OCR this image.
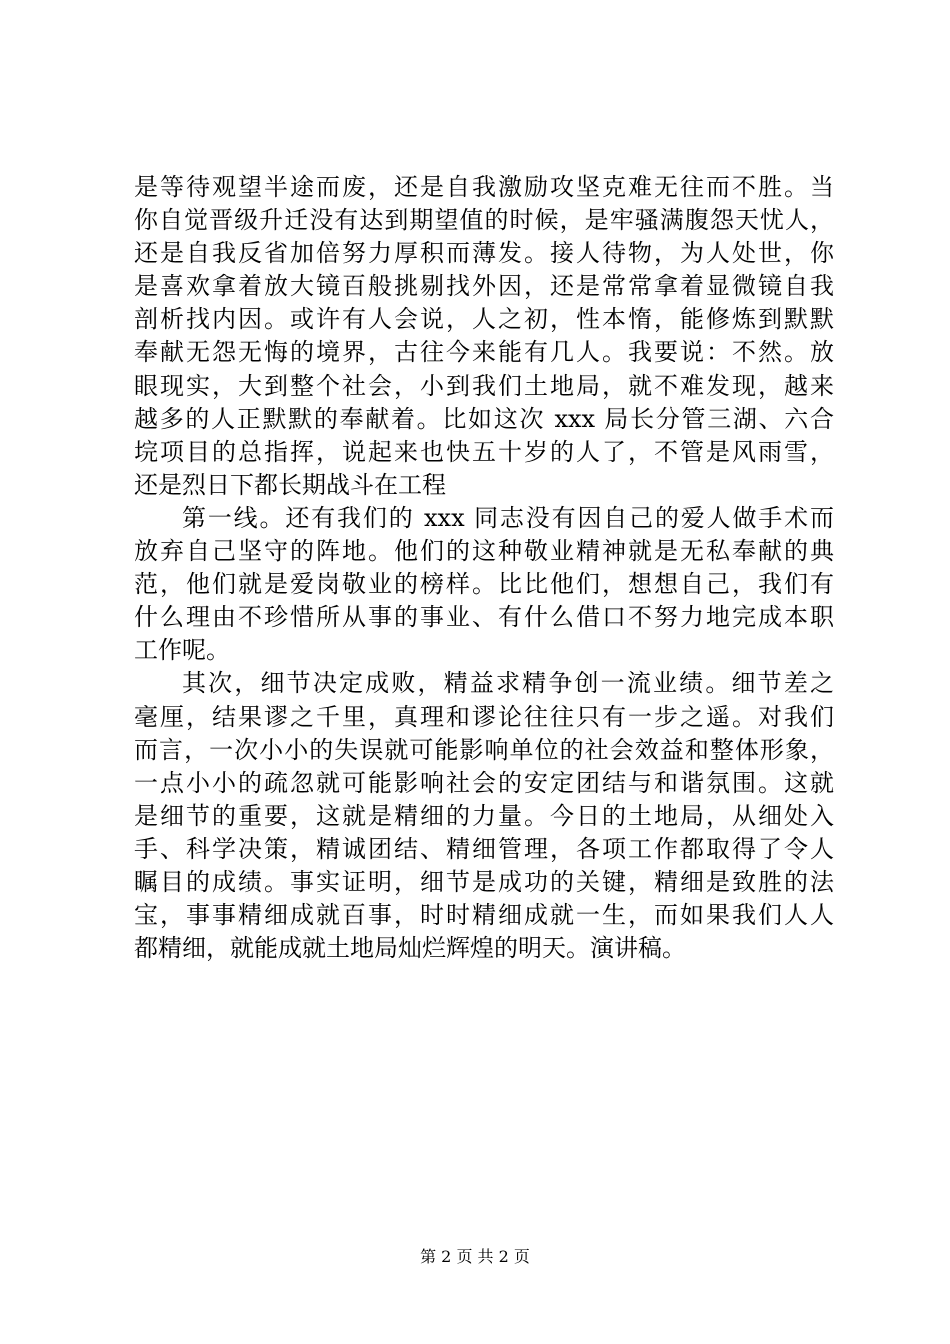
是等待观望半途而废，还是自我激励攻坚克难无往而不胜。当
你自觉晋级升迁没有达到期望值的时候，是牢骚满腹怨天忧人，
还是自我反省加倍努力厚积而薄发。接人待物，为人处世，你
是喜欢拿着放大镜百般挑剔找外因，还是常常拿着显微镜自我
剖析找内因。或许有人会说，人之初，性本惰，能修炼到默默
奉献无怨无悔的境界，古往今来能有几人。我要说：不然。放
眼现实，大到整个社会，小到我们土地局，就不难发现，越来
越多的人正默默的奉献着。比如这次 xxx 局长分管三湖、六合
垸项目的总指挥，说起来也快五十岁的人了，不管是风雨雪，
还是烈日下都长期战斗在工程
第一线。还有我们的 xxx 同志没有因自己的爱人做手术而
放弃自己坚守的阵地。他们的这种敬业精神就是无私奉献的典
范，他们就是爱岗敬业的榜样。比比他们，想想自己，我们有
什么理由不珍惜所从事的事业、有什么借口不努力地完成本职
工作呢。
其次，细节决定成败，精益求精争创一流业绩。细节差之
毫厘，结果谬之千里，真理和谬论往往只有一步之遥。对我们
而言，一次小小的失误就可能影响单位的社会效益和整体形象，
一点小小的疏忽就可能影响社会的安定团结与和谐氛围。这就
是细节的重要，这就是精细的力量。今日的土地局，从细处入
手、科学决策，精诚团结、精细管理，各项工作都取得了令人
瞩目的成绩。事实证明，细节是成功的关键，精细是致胜的法
宝，事事精细成就百事，时时精细成就一生，而如果我们人人
都精细，就能成就土地局灿烂辉煌的明天。演讲稿。
第 2 页 共 2 页
